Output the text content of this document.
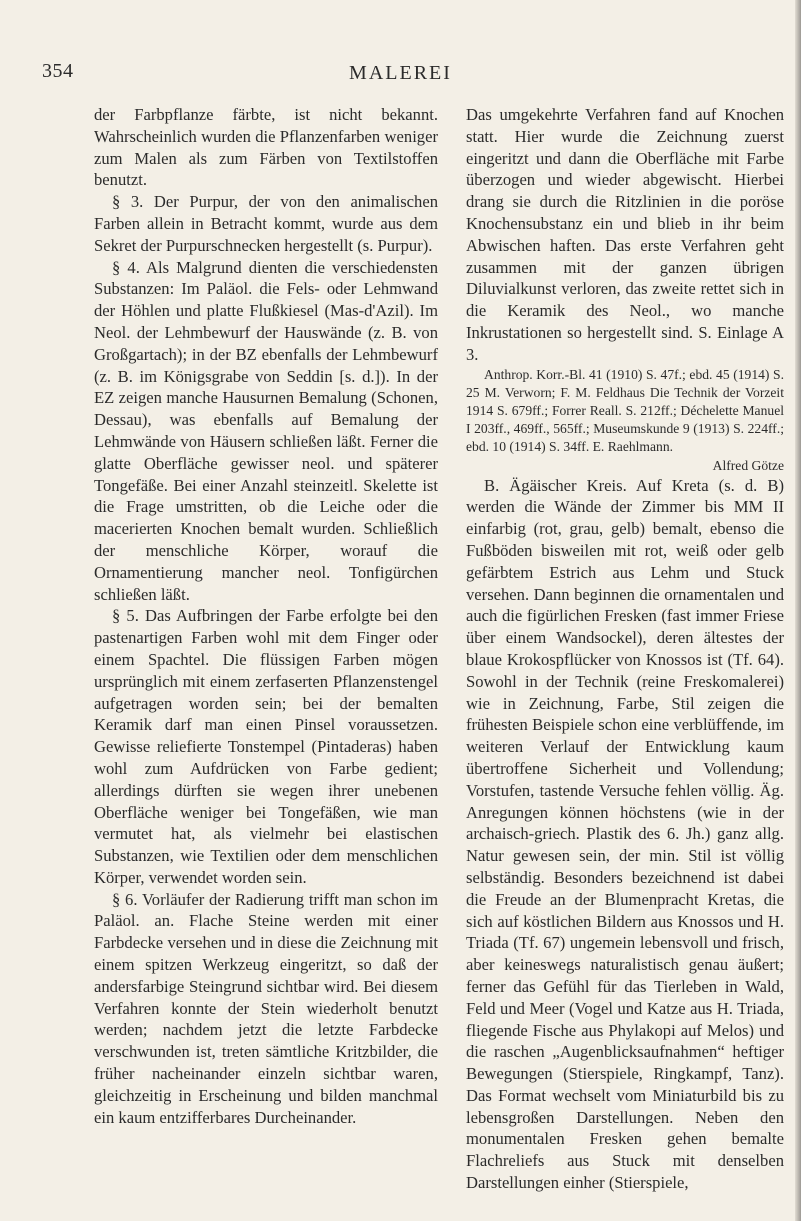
354	MALEREI

der Farbpflanze färbte, ist nicht bekannt. Wahrscheinlich wurden die Pflanzenfarben weniger zum Malen als zum Färben von Textilstoffen benutzt.

§ 3. Der Purpur, der von den animalischen Farben allein in Betracht kommt, wurde aus dem Sekret der Purpurschnecken hergestellt (s. Purpur).

§ 4. Als Malgrund dienten die verschiedensten Substanzen: Im Paläol. die Fels- oder Lehmwand der Höhlen und platte Flußkiesel (Mas-d'Azil). Im Neol. der Lehmbewurf der Hauswände (z. B. von Großgartach); in der BZ ebenfalls der Lehmbewurf (z. B. im Königsgrabe von Seddin [s. d.]). In der EZ zeigen manche Hausurnen Bemalung (Schonen, Dessau), was ebenfalls auf Bemalung der Lehmwände von Häusern schließen läßt. Ferner die glatte Oberfläche gewisser neol. und späterer Tongefäße. Bei einer Anzahl steinzeitl. Skelette ist die Frage umstritten, ob die Leiche oder die macerierten Knochen bemalt wurden. Schließlich der menschliche Körper, worauf die Ornamentierung mancher neol. Tonfigürchen schließen läßt.

§ 5. Das Aufbringen der Farbe erfolgte bei den pastenartigen Farben wohl mit dem Finger oder einem Spachtel. Die flüssigen Farben mögen ursprünglich mit einem zerfaserten Pflanzenstengel aufgetragen worden sein; bei der bemalten Keramik darf man einen Pinsel voraussetzen. Gewisse reliefierte Tonstempel (Pintaderas) haben wohl zum Aufdrücken von Farbe gedient; allerdings dürften sie wegen ihrer unebenen Oberfläche weniger bei Tongefäßen, wie man vermutet hat, als vielmehr bei elastischen Substanzen, wie Textilien oder dem menschlichen Körper, verwendet worden sein.

§ 6. Vorläufer der Radierung trifft man schon im Paläol. an. Flache Steine werden mit einer Farbdecke versehen und in diese die Zeichnung mit einem spitzen Werkzeug eingeritzt, so daß der andersfarbige Steingrund sichtbar wird. Bei diesem Verfahren konnte der Stein wiederholt benutzt werden; nachdem jetzt die letzte Farbdecke verschwunden ist, treten sämtliche Kritzbilder, die früher nacheinander einzeln sichtbar waren, gleichzeitig in Erscheinung und bilden manchmal ein kaum entzifferbares Durcheinander.

Das umgekehrte Verfahren fand auf Knochen statt. Hier wurde die Zeichnung zuerst eingeritzt und dann die Oberfläche mit Farbe überzogen und wieder abgewischt. Hierbei drang sie durch die Ritzlinien in die poröse Knochensubstanz ein und blieb in ihr beim Abwischen haften. Das erste Verfahren geht zusammen mit der ganzen übrigen Diluvialkunst verloren, das zweite rettet sich in die Keramik des Neol., wo manche Inkrustationen so hergestellt sind. S. Einlage A 3.

Anthrop. Korr.-Bl. 41 (1910) S. 47f.; ebd. 45 (1914) S. 25 M. Verworn; F. M. Feldhaus Die Technik der Vorzeit 1914 S. 679ff.; Forrer Reall. S. 212ff.; Déchelette Manuel I 203ff., 469ff., 565ff.; Museumskunde 9 (1913) S. 224ff.; ebd. 10 (1914) S. 34ff. E. Raehlmann.

Alfred Götze

B. Ägäischer Kreis. Auf Kreta (s. d. B) werden die Wände der Zimmer bis MM II einfarbig (rot, grau, gelb) bemalt, ebenso die Fußböden bisweilen mit rot, weiß oder gelb gefärbtem Estrich aus Lehm und Stuck versehen. Dann beginnen die ornamentalen und auch die figürlichen Fresken (fast immer Friese über einem Wandsockel), deren ältestes der blaue Krokospflücker von Knossos ist (Tf. 64). Sowohl in der Technik (reine Freskomalerei) wie in Zeichnung, Farbe, Stil zeigen die frühesten Beispiele schon eine verblüffende, im weiteren Verlauf der Entwicklung kaum übertroffene Sicherheit und Vollendung; Vorstufen, tastende Versuche fehlen völlig. Äg. Anregungen können höchstens (wie in der archaisch-griech. Plastik des 6. Jh.) ganz allg. Natur gewesen sein, der min. Stil ist völlig selbständig. Besonders bezeichnend ist dabei die Freude an der Blumenpracht Kretas, die sich auf köstlichen Bildern aus Knossos und H. Triada (Tf. 67) ungemein lebensvoll und frisch, aber keineswegs naturalistisch genau äußert; ferner das Gefühl für das Tierleben in Wald, Feld und Meer (Vogel und Katze aus H. Triada, fliegende Fische aus Phylakopi auf Melos) und die raschen „Augenblicksaufnahmen“ heftiger Bewegungen (Stierspiele, Ringkampf, Tanz). Das Format wechselt vom Miniaturbild bis zu lebensgroßen Darstellungen. Neben den monumentalen Fresken gehen bemalte Flachreliefs aus Stuck mit denselben Darstellungen einher (Stierspiele,
